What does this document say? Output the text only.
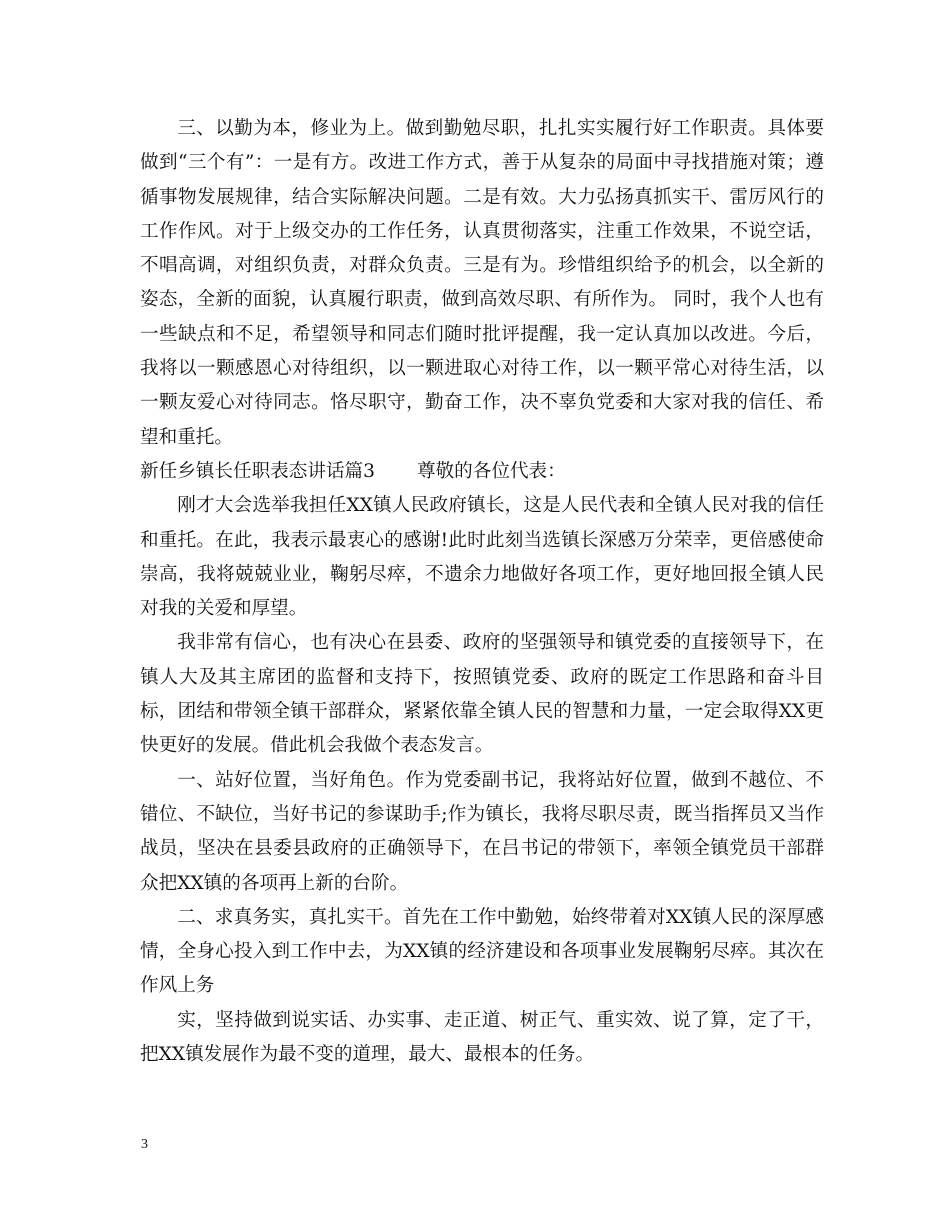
三、以勤为本，修业为上。做到勤勉尽职，扎扎实实履行好工作职责。具体要做到“三个有”：一是有方。改进工作方式，善于从复杂的局面中寻找措施对策；遵循事物发展规律，结合实际解决问题。二是有效。大力弘扬真抓实干、雷厉风行的工作作风。对于上级交办的工作任务，认真贯彻落实，注重工作效果，不说空话，不唱高调，对组织负责，对群众负责。三是有为。珍惜组织给予的机会，以全新的姿态，全新的面貌，认真履行职责，做到高效尽职、有所作为。 同时，我个人也有一些缺点和不足，希望领导和同志们随时批评提醒，我一定认真加以改进。今后，我将以一颗感恩心对待组织，以一颗进取心对待工作，以一颗平常心对待生活，以一颗友爱心对待同志。恪尽职守，勤奋工作，决不辜负党委和大家对我的信任、希望和重托。

新任乡镇长任职表态讲话篇3 尊敬的各位代表：

刚才大会选举我担任XX镇人民政府镇长，这是人民代表和全镇人民对我的信任和重托。在此，我表示最衷心的感谢!此时此刻当选镇长深感万分荣幸，更倍感使命崇高，我将兢兢业业，鞠躬尽瘁，不遗余力地做好各项工作，更好地回报全镇人民对我的关爱和厚望。

我非常有信心，也有决心在县委、政府的坚强领导和镇党委的直接领导下，在镇人大及其主席团的监督和支持下，按照镇党委、政府的既定工作思路和奋斗目标，团结和带领全镇干部群众，紧紧依靠全镇人民的智慧和力量，一定会取得XX更快更好的发展。借此机会我做个表态发言。

一、站好位置，当好角色。作为党委副书记，我将站好位置，做到不越位、不错位、不缺位，当好书记的参谋助手;作为镇长，我将尽职尽责，既当指挥员又当作战员，坚决在县委县政府的正确领导下，在吕书记的带领下，率领全镇党员干部群众把XX镇的各项再上新的台阶。

二、求真务实，真扎实干。首先在工作中勤勉，始终带着对XX镇人民的深厚感情，全身心投入到工作中去，为XX镇的经济建设和各项事业发展鞠躬尽瘁。其次在作风上务

实，坚持做到说实话、办实事、走正道、树正气、重实效、说了算，定了干，把XX镇发展作为最不变的道理，最大、最根本的任务。

3
